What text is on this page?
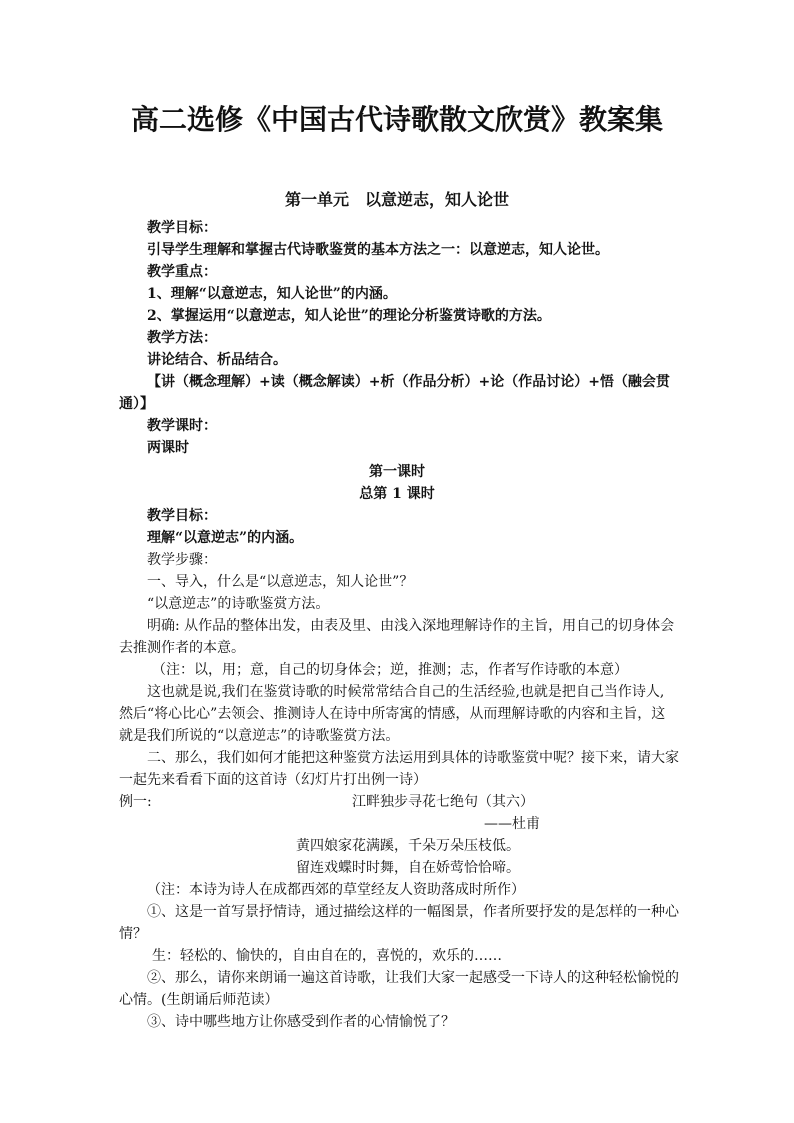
高二选修《中国古代诗歌散文欣赏》教案集
第一单元　以意逆志，知人论世
教学目标：
引导学生理解和掌握古代诗歌鉴赏的基本方法之一：以意逆志，知人论世。
教学重点：
1、理解“以意逆志，知人论世”的内涵。
2、掌握运用“以意逆志，知人论世”的理论分析鉴赏诗歌的方法。
教学方法：
讲论结合、析品结合。
【讲（概念理解）+读（概念解读）+析（作品分析）+论（作品讨论）+悟（融会贯
通）】
教学课时：
两课时
第一课时
总第 1 课时
教学目标：
理解“以意逆志”的内涵。
教学步骤：
一、导入，什么是“以意逆志，知人论世”？
“以意逆志”的诗歌鉴赏方法。
明确: 从作品的整体出发，由表及里、由浅入深地理解诗作的主旨，用自己的切身体会
去推测作者的本意。
（注：以，用；意，自己的切身体会；逆，推测；志，作者写作诗歌的本意）
这也就是说,我们在鉴赏诗歌的时候常常结合自己的生活经验,也就是把自己当作诗人,
然后“将心比心”去领会、推测诗人在诗中所寄寓的情感，从而理解诗歌的内容和主旨，这
就是我们所说的“以意逆志”的诗歌鉴赏方法。
二、那么，我们如何才能把这种鉴赏方法运用到具体的诗歌鉴赏中呢？接下来，请大家
一起先来看看下面的这首诗（幻灯片打出例一诗）
例一:	江畔独步寻花七绝句（其六）
——杜甫
黄四娘家花满蹊，千朵万朵压枝低。
留连戏蝶时时舞，自在娇莺恰恰啼。
（注：本诗为诗人在成都西郊的草堂经友人资助落成时所作）
①、这是一首写景抒情诗，通过描绘这样的一幅图景，作者所要抒发的是怎样的一种心
情？
生：轻松的、愉快的，自由自在的，喜悦的，欢乐的……
②、那么，请你来朗诵一遍这首诗歌，让我们大家一起感受一下诗人的这种轻松愉悦的
心情。(生朗诵后师范读）
③、诗中哪些地方让你感受到作者的心情愉悦了？
